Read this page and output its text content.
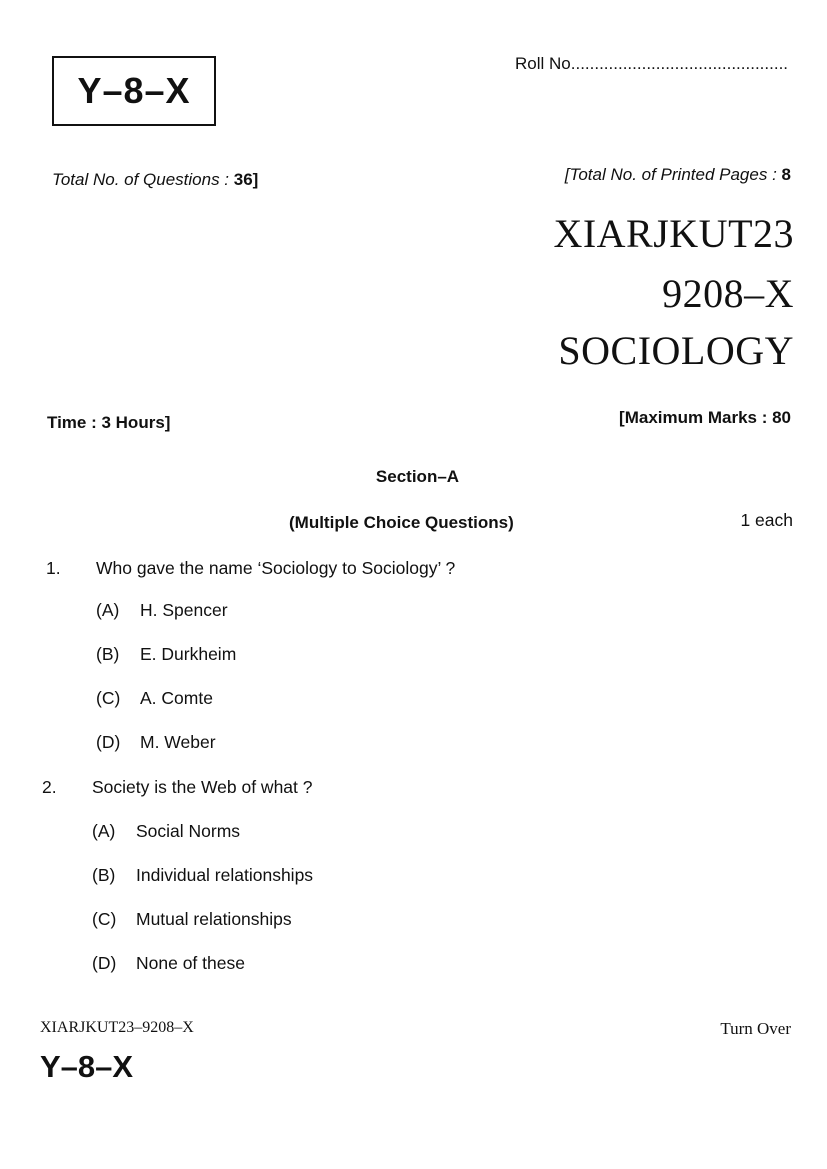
Y–8–X
Roll No..............................................
Total No. of Questions : 36]	[Total No. of Printed Pages : 8
XIARJKUT23
9208–X
SOCIOLOGY
Time : 3 Hours]	[Maximum Marks : 80
Section–A
(Multiple Choice Questions)	1 each
1. Who gave the name ‘Sociology to Sociology’ ?
(A) H. Spencer
(B) E. Durkheim
(C) A. Comte
(D) M. Weber
2. Society is the Web of what ?
(A) Social Norms
(B) Individual relationships
(C) Mutual relationships
(D) None of these
XIARJKUT23–9208–X	Turn Over
Y–8–X
